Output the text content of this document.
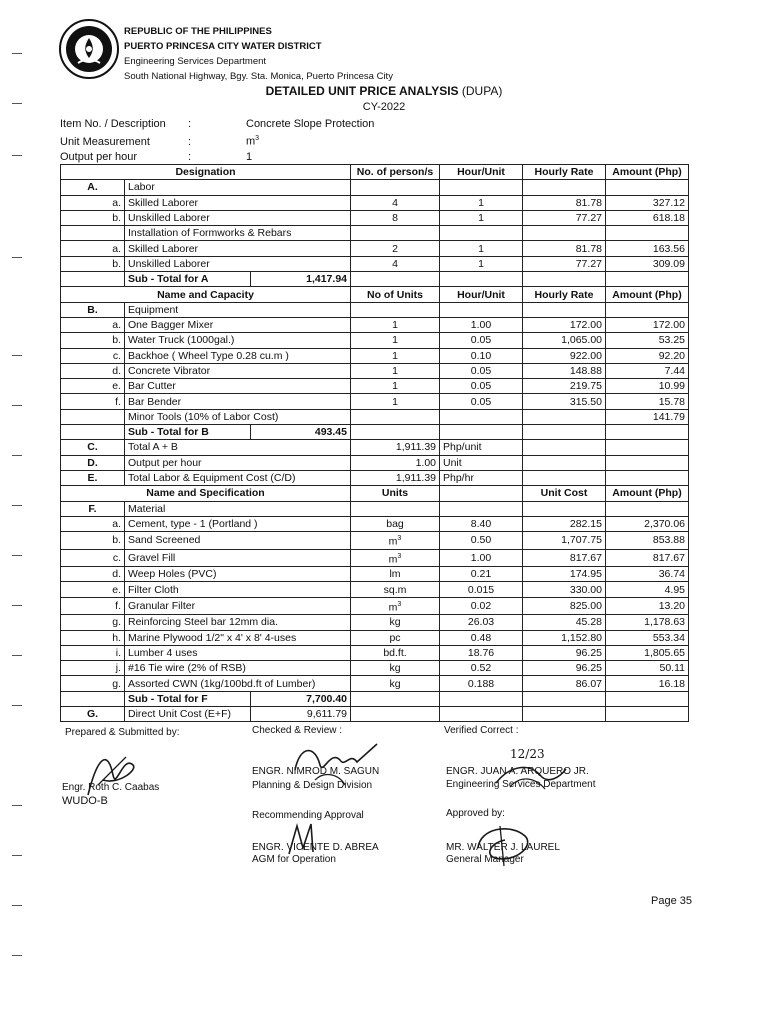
REPUBLIC OF THE PHILIPPINES
PUERTO PRINCESA CITY WATER DISTRICT
Engineering Services Department
South National Highway, Bgy. Sta. Monica, Puerto Princesa City
DETAILED UNIT PRICE ANALYSIS (DUPA)
CY-2022
Item No. / Description :	Concrete Slope Protection
Unit Measurement	:	$m^3$
Output per hour	:	1
Designation			No. of person/s	Hour/Unit	Hourly Rate	Amount (Php)
A.	Labor					
a.	Skilled Laborer		4	1	81.78	327.12
b.	Unskilled Laborer		8	1	77.27	618.18
	Installation of Formworks & Rebars					
a.	Skilled Laborer		2	1	81.78	163.56
b.	Unskilled Laborer		4	1	77.27	309.09
	Sub - Total for A	1,417.94				
Name and Capacity			No of Units	Hour/Unit	Hourly Rate	Amount (Php)
B.	Equipment					
a.	One Bagger Mixer		1	1.00	172.00	172.00
b.	Water Truck (1000gal.)		1	0.05	1,065.00	53.25
c.	Backhoe ( Wheel Type 0.28 cu.m )		1	0.10	922.00	92.20
d.	Concrete Vibrator		1	0.05	148.88	7.44
e.	Bar Cutter		1	0.05	219.75	10.99
f.	Bar Bender		1	0.05	315.50	15.78
	Minor Tools (10% of Labor Cost)					141.79
	Sub - Total for B	493.45				
C.	Total A + B		1,911.39	Php/unit		
D.	Output per hour		1.00	Unit		
E.	Total Labor & Equipment Cost (C/D)		1,911.39	Php/hr		
Name and Specification			Units		Unit Cost	Amount (Php)
F.	Material					
a.	Cement, type - 1 (Portland )		bag	8.40	282.15	2,370.06
b.	Sand Screened		$m^3$	0.50	1,707.75	853.88
c.	Gravel Fill		$m^3$	1.00	817.67	817.67
d.	Weep Holes (PVC)		lm	0.21	174.95	36.74
e.	Filter Cloth		sq.m	0.015	330.00	4.95
f.	Granular Filter		$m^3$	0.02	825.00	13.20
g.	Reinforcing Steel bar 12mm dia.		kg	26.03	45.28	1,178.63
h.	Marine Plywood 1/2" x 4' x 8' 4-uses		pc	0.48	1,152.80	553.34
i.	Lumber 4 uses		bd.ft.	18.76	96.25	1,805.65
j.	#16 Tie wire (2% of RSB)		kg	0.52	96.25	50.11
g.	Assorted CWN (1kg/100bd.ft of Lumber)		kg	0.188	86.07	16.18
	Sub - Total for F	7,700.40				
G.	Direct Unit Cost (E+F)	9,611.79				
Prepared & Submitted by:	Checked & Review :	Verified Correct :
Engr. Roth C. Caabas
WUDO-B
ENGR. NIMROD M. SAGUN
Planning & Design Division
Recommending Approval
ENGR. VICENTE D. ABREA
AGM for Operation
12/23
ENGR. JUAN A. ARQUERO JR.
Engineering Services Department
Approved by:
MR. WALTER J. LAUREL
General Manager
Page 35
